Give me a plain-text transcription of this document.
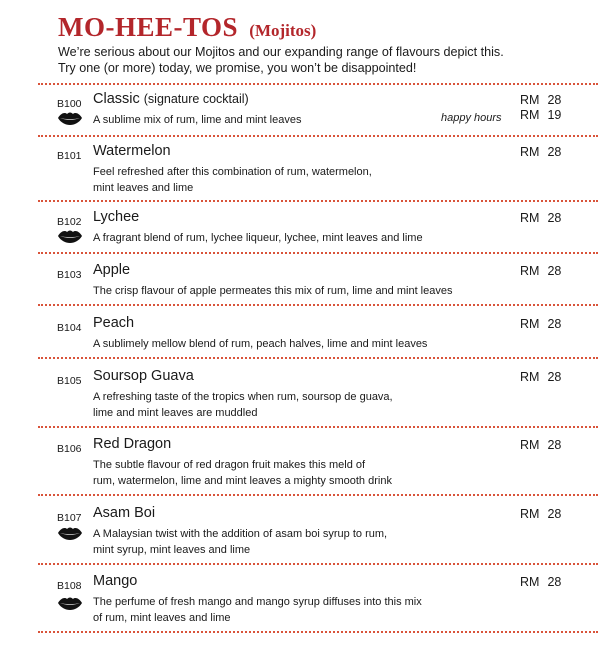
MO-HEE-TOS (Mojitos)
We’re serious about our Mojitos and our expanding range of flavours depict this.
Try one (or more) today, we promise, you won’t be disappointed!
B100 Classic (signature cocktail)
A sublime mix of rum, lime and mint leaves
RM 28
happy hours RM 19
B101 Watermelon
Feel refreshed after this combination of rum, watermelon,
mint leaves and lime
RM 28
B102 Lychee
A fragrant blend of rum, lychee liqueur, lychee, mint leaves and lime
RM 28
B103 Apple
The crisp flavour of apple permeates this mix of rum, lime and mint leaves
RM 28
B104 Peach
A sublimely mellow blend of rum, peach halves, lime and mint leaves
RM 28
B105 Soursop Guava
A refreshing taste of the tropics when rum, soursop de guava,
lime and mint leaves are muddled
RM 28
B106 Red Dragon
The subtle flavour of red dragon fruit makes this meld of
rum, watermelon, lime and mint leaves a mighty smooth drink
RM 28
B107 Asam Boi
A Malaysian twist with the addition of asam boi syrup to rum,
mint syrup, mint leaves and lime
RM 28
B108 Mango
The perfume of fresh mango and mango syrup diffuses into this mix
of rum, mint leaves and lime
RM 28
